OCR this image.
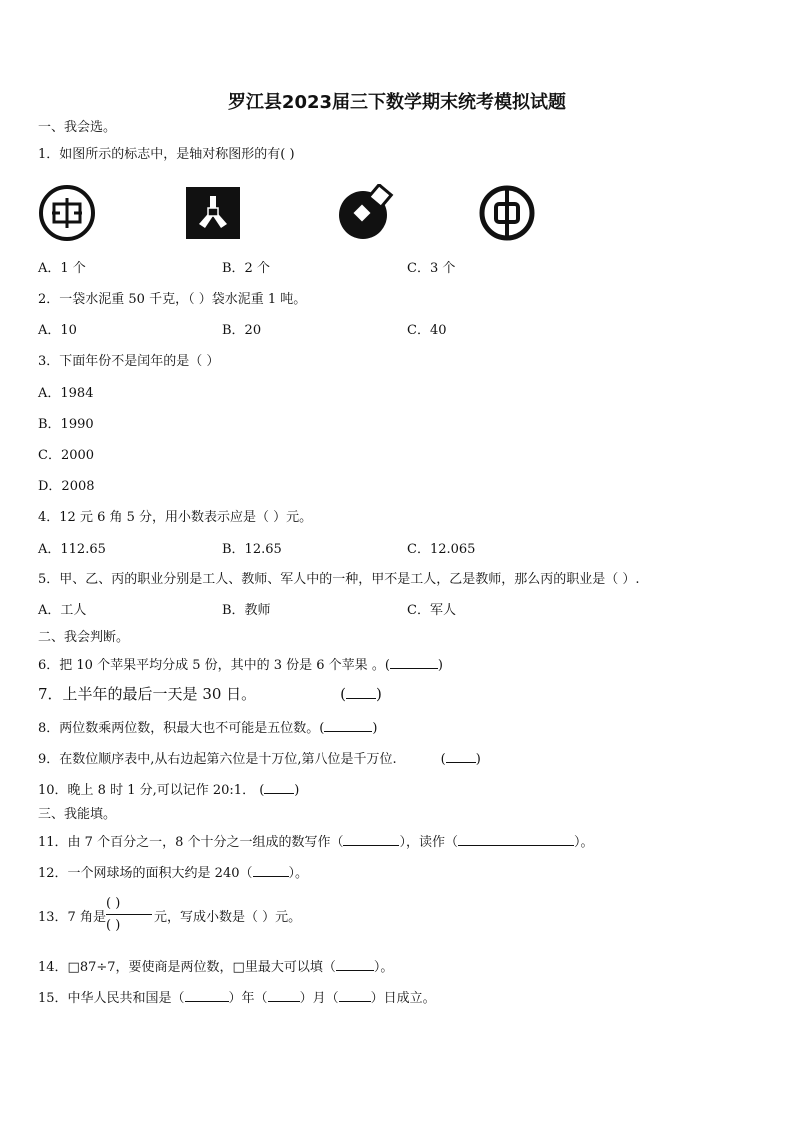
罗江县2023届三下数学期末统考模拟试题
一、我会选。
1．如图所示的标志中，是轴对称图形的有( )
A．1 个	B．2 个	C．3 个
2．一袋水泥重 50 千克，（ ）袋水泥重 1 吨。
A．10	B．20	C．40
3．下面年份不是闰年的是（ ）
A．1984
B．1990
C．2000
D．2008
4．12 元 6 角 5 分，用小数表示应是（ ）元。
A．112.65	B．12.65	C．12.065
5．甲、乙、丙的职业分别是工人、教师、军人中的一种，甲不是工人，乙是教师，那么丙的职业是（ ）.
A．工人	B．教师	C．军人
二、我会判断。
6．把 10 个苹果平均分成 5 份，其中的 3 份是 6 个苹果 。(	)
7．上半年的最后一天是 30 日。	( )
8．两位数乘两位数，积最大也不可能是五位数。(	)
9．在数位顺序表中,从右边起第六位是十万位,第八位是千万位.	( )
10．晚上 8 时 1 分,可以记作 20:1． ( )
三、我能填。
11．由 7 个百分之一，8 个十分之一组成的数写作（	），读作（	）。
12．一个网球场的面积大约是 240（	）。
13．7 角是
( )
( )
元，写成小数是（ ）元。
14．□87÷7，要使商是两位数，□里最大可以填（	）。
15．中华人民共和国是（	）年（ ）月（ ）日成立。
